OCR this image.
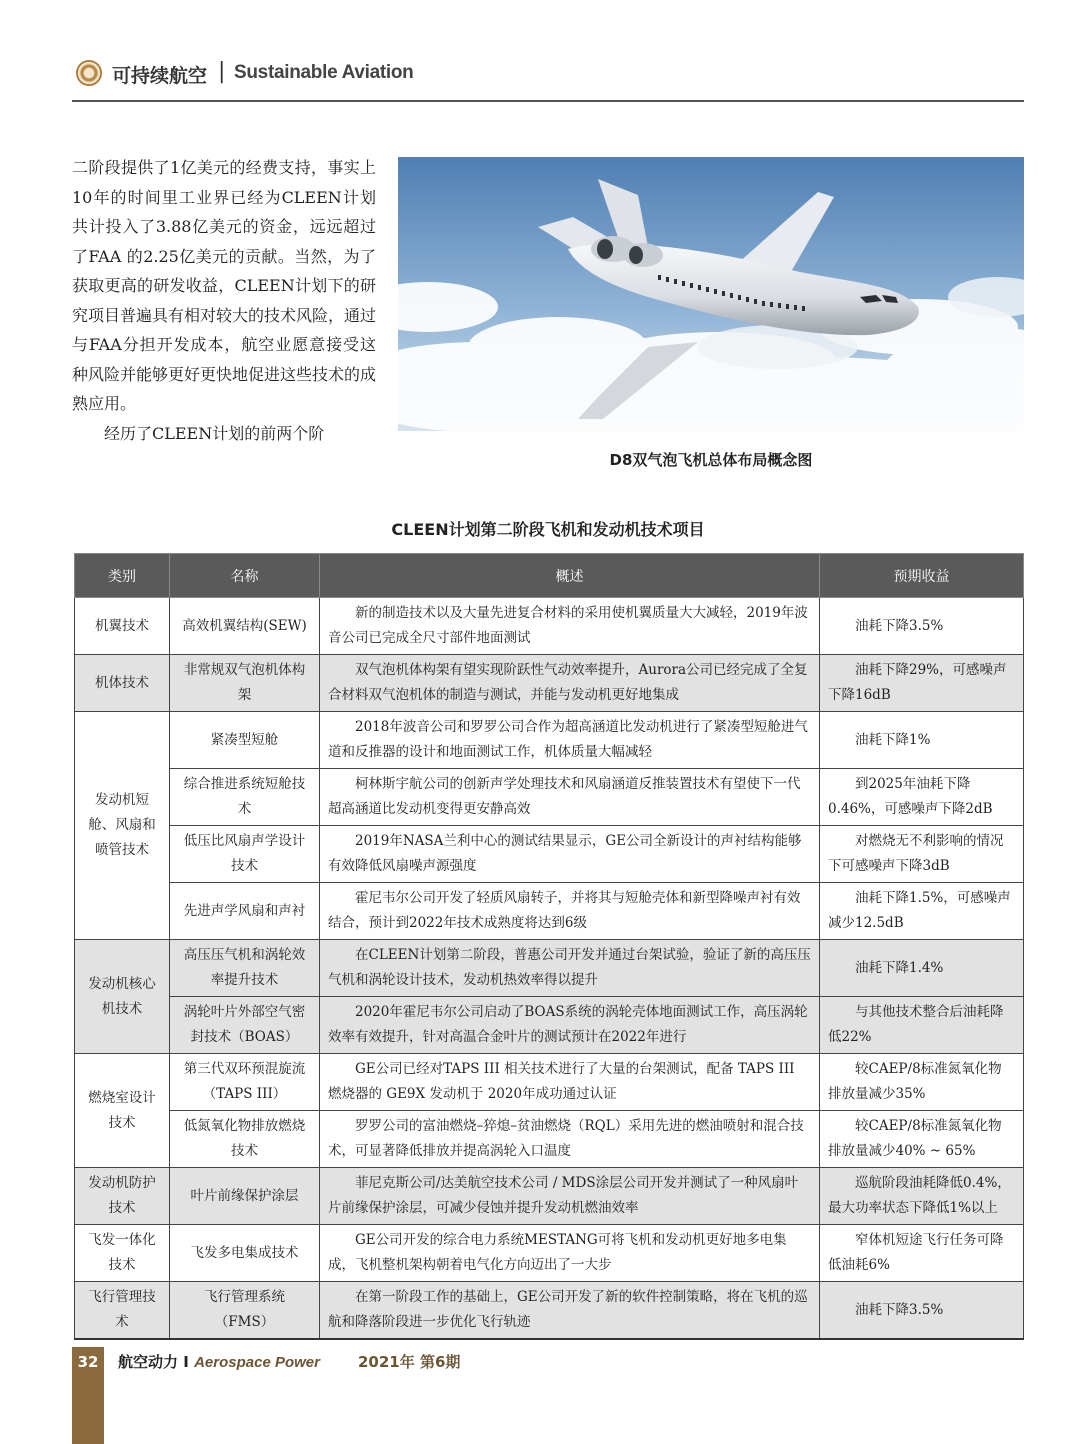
可持续航空 | Sustainable Aviation

二阶段提供了1亿美元的经费支持，事实上10年的时间里工业界已经为CLEEN计划共计投入了3.88亿美元的资金，远远超过了FAA 的2.25亿美元的贡献。当然，为了获取更高的研发收益，CLEEN计划下的研究项目普遍具有相对较大的技术风险，通过与FAA分担开发成本，航空业愿意接受这种风险并能够更好更快地促进这些技术的成熟应用。

经历了CLEEN计划的前两个阶

D8双气泡飞机总体布局概念图
CLEEN计划第二阶段飞机和发动机技术项目
类别	名称	概述	预期收益
机翼技术	高效机翼结构(SEW)	新的制造技术以及大量先进复合材料的采用使机翼质量大大减轻，2019年波音公司已完成全尺寸部件地面测试	油耗下降3.5%
机体技术	非常规双气泡机体构架	双气泡机体构架有望实现阶跃性气动效率提升，Aurora公司已经完成了全复合材料双气泡机体的制造与测试，并能与发动机更好地集成	油耗下降29%，可感噪声下降16dB
发动机短舱、风扇和喷管技术	紧凑型短舱	2018年波音公司和罗罗公司合作为超高涵道比发动机进行了紧凑型短舱进气道和反推器的设计和地面测试工作，机体质量大幅减轻	油耗下降1%
	综合推进系统短舱技术	柯林斯宇航公司的创新声学处理技术和风扇涵道反推装置技术有望使下一代超高涵道比发动机变得更安静高效	到2025年油耗下降0.46%，可感噪声下降2dB
	低压比风扇声学设计技术	2019年NASA兰利中心的测试结果显示，GE公司全新设计的声衬结构能够有效降低风扇噪声源强度	对燃烧无不利影响的情况下可感噪声下降3dB
	先进声学风扇和声衬	霍尼韦尔公司开发了轻质风扇转子，并将其与短舱壳体和新型降噪声衬有效结合，预计到2022年技术成熟度将达到6级	油耗下降1.5%，可感噪声减少12.5dB
发动机核心机技术	高压压气机和涡轮效率提升技术	在CLEEN计划第二阶段，普惠公司开发并通过台架试验，验证了新的高压压气机和涡轮设计技术，发动机热效率得以提升	油耗下降1.4%
	涡轮叶片外部空气密封技术（BOAS）	2020年霍尼韦尔公司启动了BOAS系统的涡轮壳体地面测试工作，高压涡轮效率有效提升，针对高温合金叶片的测试预计在2022年进行	与其他技术整合后油耗降低22%
燃烧室设计技术	第三代双环预混旋流（TAPS III）	GE公司已经对TAPS III 相关技术进行了大量的台架测试，配备 TAPS III 燃烧器的 GE9X 发动机于 2020年成功通过认证	较CAEP/8标准氮氧化物排放量减少35%
	低氮氧化物排放燃烧技术	罗罗公司的富油燃烧–猝熄–贫油燃烧（RQL）采用先进的燃油喷射和混合技术，可显著降低排放并提高涡轮入口温度	较CAEP/8标准氮氧化物排放量减少40% ~ 65%
发动机防护技术	叶片前缘保护涂层	菲尼克斯公司/达美航空技术公司 / MDS涂层公司开发并测试了一种风扇叶片前缘保护涂层，可减少侵蚀并提升发动机燃油效率	巡航阶段油耗降低0.4%，最大功率状态下降低1%以上
飞发一体化技术	飞发多电集成技术	GE公司开发的综合电力系统MESTANG可将飞机和发动机更好地多电集成，飞机整机架构朝着电气化方向迈出了一大步	窄体机短途飞行任务可降低油耗6%
飞行管理技术	飞行管理系统（FMS）	在第一阶段工作的基础上，GE公司开发了新的软件控制策略，将在飞机的巡航和降落阶段进一步优化飞行轨迹	油耗下降3.5%
32	航空动力 I Aerospace Power	2021年 第6期
